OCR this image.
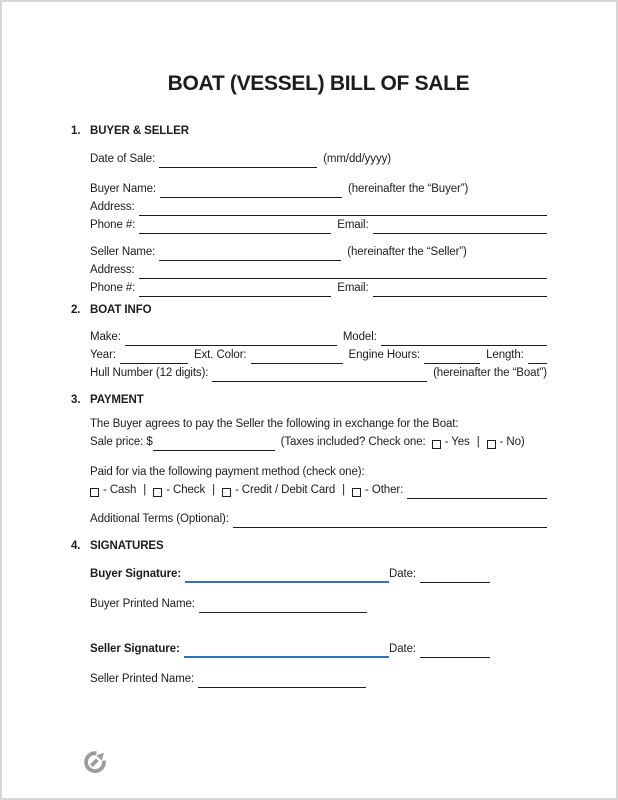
BOAT (VESSEL) BILL OF SALE
1. BUYER & SELLER
Date of Sale:	(mm/dd/yyyy)
Buyer Name:	(hereinafter the “Buyer”)
Address:
Phone #:	Email:
Seller Name:	(hereinafter the “Seller”)
Address:
Phone #:	Email:
2. BOAT INFO
Make:	Model:
Year:	Ext. Color:	Engine Hours:	Length:
Hull Number (12 digits):	(hereinafter the “Boat”)
3. PAYMENT
The Buyer agrees to pay the Seller the following in exchange for the Boat:
Sale price: $	(Taxes included? Check one: - Yes | - No)
Paid for via the following payment method (check one):
- Cash | - Check | - Credit / Debit Card | - Other:
Additional Terms (Optional):
4. SIGNATURES
Buyer Signature:	Date:
Buyer Printed Name:
Seller Signature:	Date:
Seller Printed Name:
